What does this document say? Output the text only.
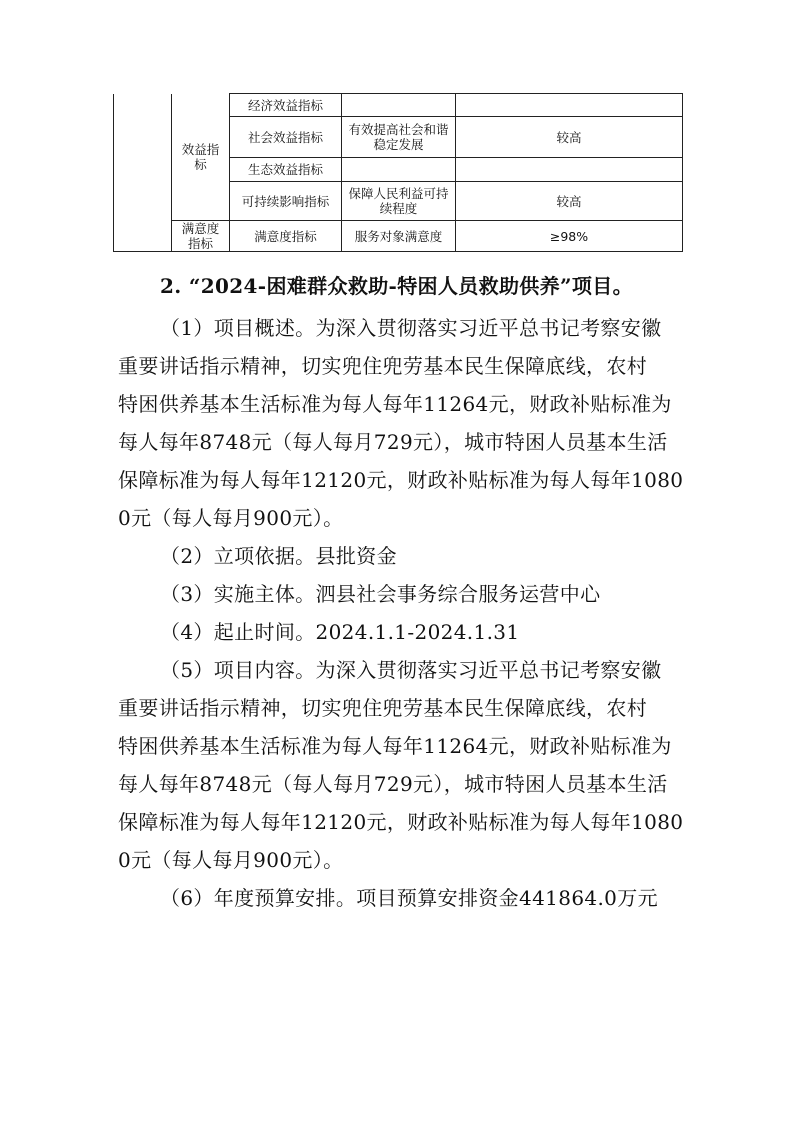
	效益指标	经济效益指标		
		社会效益指标	有效提高社会和谐稳定发展	较高
		生态效益指标		
		可持续影响指标	保障人民利益可持续程度	较高
	满意度指标	满意度指标	服务对象满意度	≥98%
2. “2024-困难群众救助-特困人员救助供养”项目。
（1）项目概述。为深入贯彻落实习近平总书记考察安徽
重要讲话指示精神，切实兜住兜劳基本民生保障底线，农村
特困供养基本生活标准为每人每年11264元，财政补贴标准为
每人每年8748元（每人每月729元），城市特困人员基本生活
保障标准为每人每年12120元，财政补贴标准为每人每年1080
0元（每人每月900元）。
（2）立项依据。县批资金
（3）实施主体。泗县社会事务综合服务运营中心
（4）起止时间。2024.1.1-2024.1.31
（5）项目内容。为深入贯彻落实习近平总书记考察安徽
重要讲话指示精神，切实兜住兜劳基本民生保障底线，农村
特困供养基本生活标准为每人每年11264元，财政补贴标准为
每人每年8748元（每人每月729元），城市特困人员基本生活
保障标准为每人每年12120元，财政补贴标准为每人每年1080
0元（每人每月900元）。
（6）年度预算安排。项目预算安排资金441864.0万元
